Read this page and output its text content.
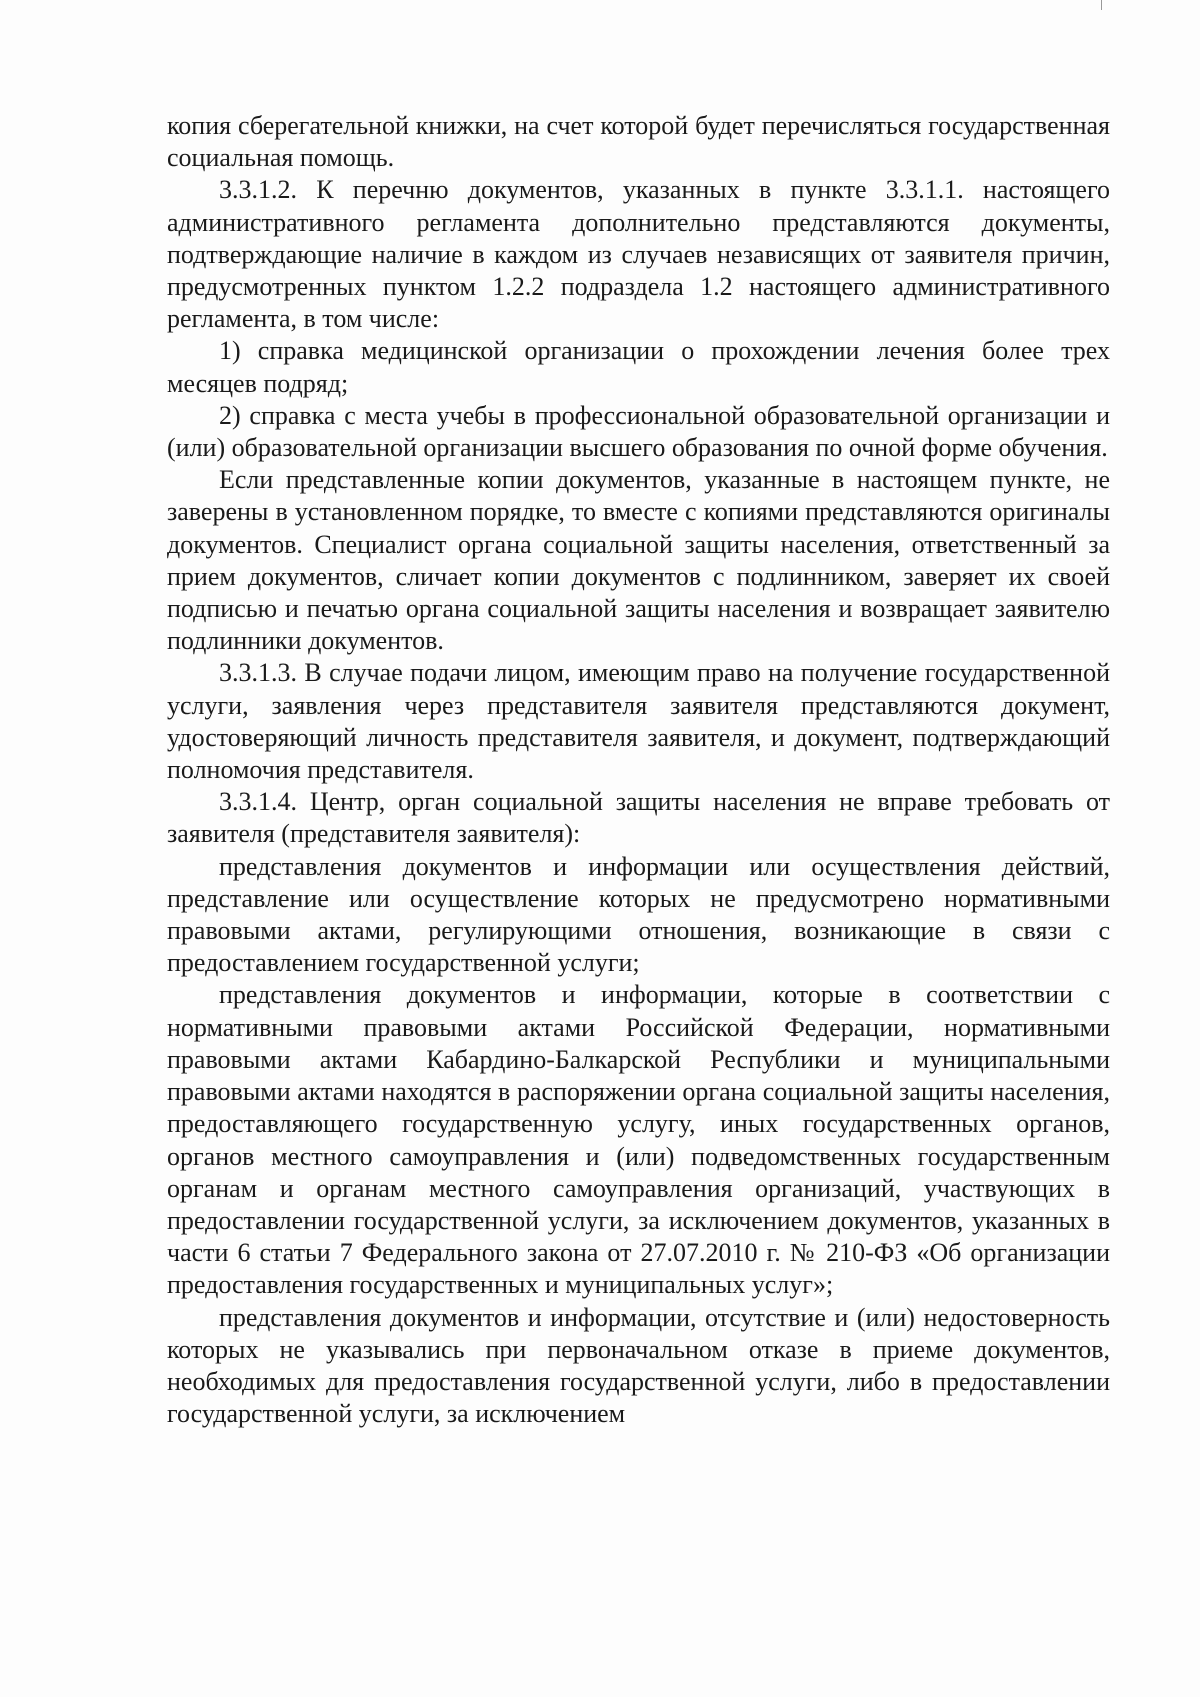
копия сберегательной книжки, на счет которой будет перечисляться государственная социальная помощь.

3.3.1.2. К перечню документов, указанных в пункте 3.3.1.1. настоящего административного регламента дополнительно представляются документы, подтверждающие наличие в каждом из случаев независящих от заявителя причин, предусмотренных пунктом 1.2.2 подраздела 1.2 настоящего административного регламента, в том числе:

1) справка медицинской организации о прохождении лечения более трех месяцев подряд;

2) справка с места учебы в профессиональной образовательной организации и (или) образовательной организации высшего образования по очной форме обучения.

Если представленные копии документов, указанные в настоящем пункте, не заверены в установленном порядке, то вместе с копиями представляются оригиналы документов. Специалист органа социальной защиты населения, ответственный за прием документов, сличает копии документов с подлинником, заверяет их своей подписью и печатью органа социальной защиты населения и возвращает заявителю подлинники документов.

3.3.1.3. В случае подачи лицом, имеющим право на получение государственной услуги, заявления через представителя заявителя представляются документ, удостоверяющий личность представителя заявителя, и документ, подтверждающий полномочия представителя.

3.3.1.4. Центр, орган социальной защиты населения не вправе требовать от заявителя (представителя заявителя):

представления документов и информации или осуществления действий, представление или осуществление которых не предусмотрено нормативными правовыми актами, регулирующими отношения, возникающие в связи с предоставлением государственной услуги;

представления документов и информации, которые в соответствии с нормативными правовыми актами Российской Федерации, нормативными правовыми актами Кабардино-Балкарской Республики и муниципальными правовыми актами находятся в распоряжении органа социальной защиты населения, предоставляющего государственную услугу, иных государственных органов, органов местного самоуправления и (или) подведомственных государственным органам и органам местного самоуправления организаций, участвующих в предоставлении государственной услуги, за исключением документов, указанных в части 6 статьи 7 Федерального закона от 27.07.2010 г. № 210-ФЗ «Об организации предоставления государственных и муниципальных услуг»;

представления документов и информации, отсутствие и (или) недостоверность которых не указывались при первоначальном отказе в приеме документов, необходимых для предоставления государственной услуги, либо в предоставлении государственной услуги, за исключением
